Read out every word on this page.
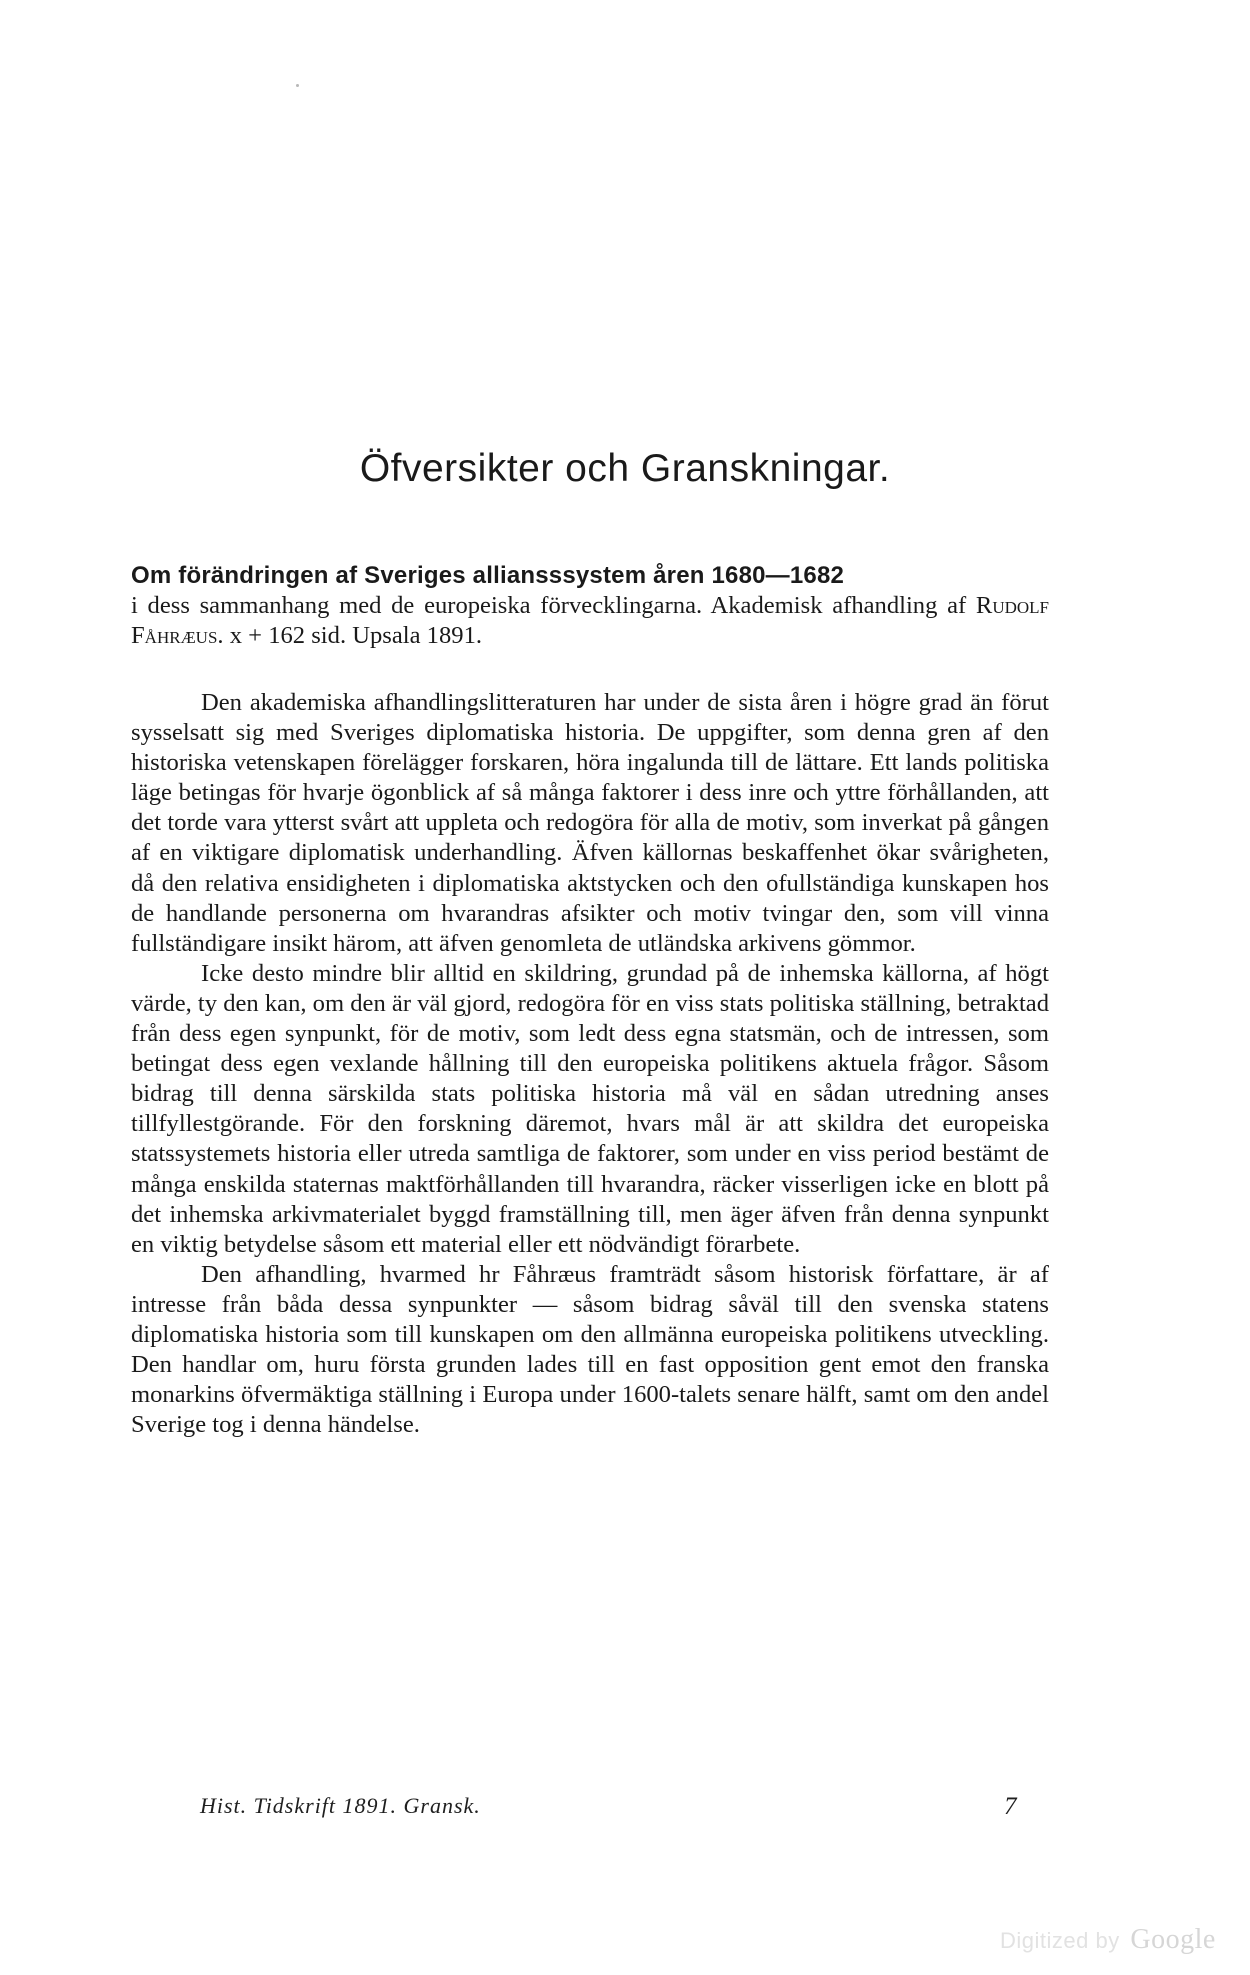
Öfversikter och Granskningar.
Om förändringen af Sveriges alliansssystem åren 1680—1682
i dess sammanhang med de europeiska förvecklingarna. Akademisk afhandling af Rudolf Fåhræus. x + 162 sid. Upsala 1891.

Den akademiska afhandlingslitteraturen har under de sista åren i högre grad än förut sysselsatt sig med Sveriges diplomatiska historia. De uppgifter, som denna gren af den historiska vetenskapen förelägger forskaren, höra ingalunda till de lättare. Ett lands politiska läge betingas för hvarje ögonblick af så många faktorer i dess inre och yttre förhållanden, att det torde vara ytterst svårt att uppleta och redogöra för alla de motiv, som inverkat på gången af en viktigare diplomatisk underhandling. Äfven källornas beskaffenhet ökar svårigheten, då den relativa ensidigheten i diplomatiska aktstycken och den ofullständiga kunskapen hos de handlande personerna om hvarandras afsikter och motiv tvingar den, som vill vinna fullständigare insikt härom, att äfven genomleta de utländska arkivens gömmor.

Icke desto mindre blir alltid en skildring, grundad på de inhemska källorna, af högt värde, ty den kan, om den är väl gjord, redogöra för en viss stats politiska ställning, betraktad från dess egen synpunkt, för de motiv, som ledt dess egna statsmän, och de intressen, som betingat dess egen vexlande hållning till den europeiska politikens aktuela frågor. Såsom bidrag till denna särskilda stats politiska historia må väl en sådan utredning anses tillfyllestgörande. För den forskning däremot, hvars mål är att skildra det europeiska statssystemets historia eller utreda samtliga de faktorer, som under en viss period bestämt de många enskilda staternas maktförhållanden till hvarandra, räcker visserligen icke en blott på det inhemska arkivmaterialet byggd framställning till, men äger äfven från denna synpunkt en viktig betydelse såsom ett material eller ett nödvändigt förarbete.

Den afhandling, hvarmed hr Fåhræus framträdt såsom historisk författare, är af intresse från båda dessa synpunkter — såsom bidrag såväl till den svenska statens diplomatiska historia som till kunskapen om den allmänna europeiska politikens utveckling. Den handlar om, huru första grunden lades till en fast opposition gent emot den franska monarkins öfvermäktiga ställning i Europa under 1600-talets senare hälft, samt om den andel Sverige tog i denna händelse.

Hist. Tidskrift 1891. Gransk.	7
Digitized by Google
